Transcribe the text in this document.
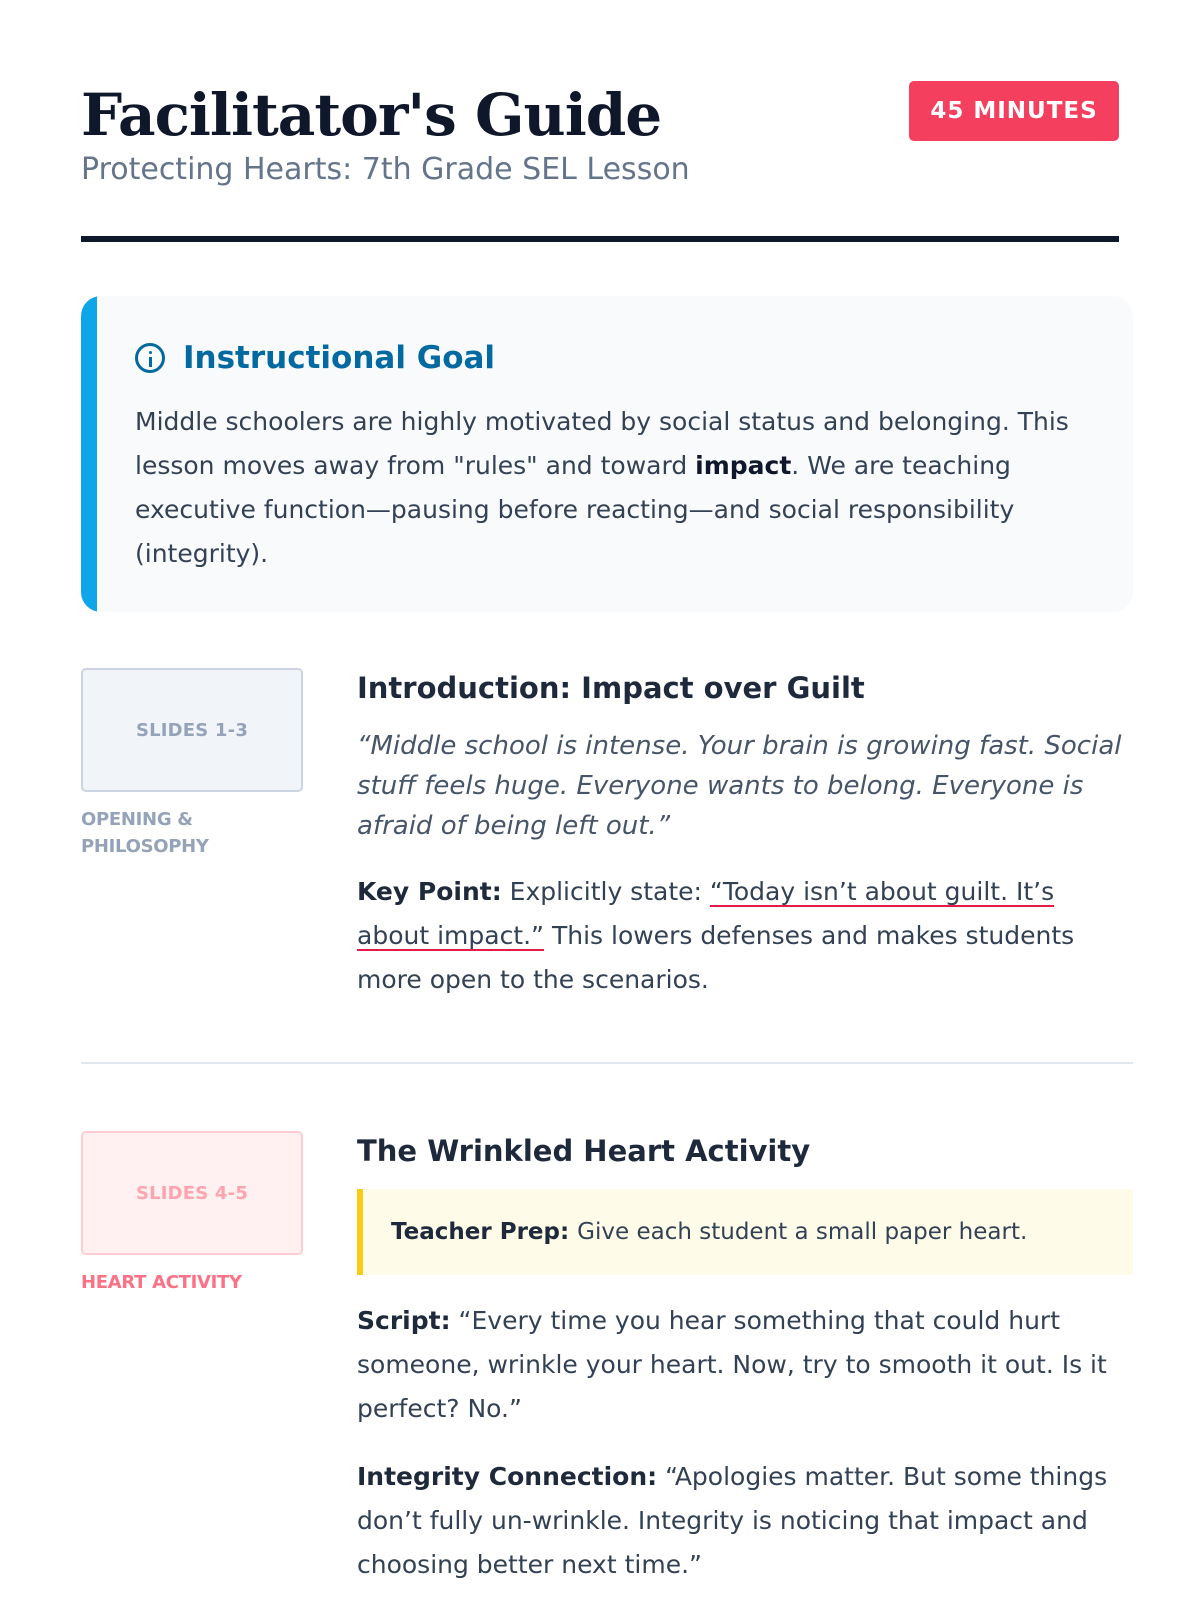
Facilitator's Guide
Protecting Hearts: 7th Grade SEL Lesson
45 MINUTES
Instructional Goal

Middle schoolers are highly motivated by social status and belonging. This lesson moves away from "rules" and toward impact. We are teaching executive function—pausing before reacting—and social responsibility (integrity).

SLIDES 1-3
OPENING & PHILOSOPHY
Introduction: Impact over Guilt

“Middle school is intense. Your brain is growing fast. Social stuff feels huge. Everyone wants to belong. Everyone is afraid of being left out.”

Key Point: Explicitly state: “Today isn’t about guilt. It’s about impact.” This lowers defenses and makes students more open to the scenarios.

SLIDES 4-5
HEART ACTIVITY
The Wrinkled Heart Activity
Teacher Prep: Give each student a small paper heart.

Script: “Every time you hear something that could hurt someone, wrinkle your heart. Now, try to smooth it out. Is it perfect? No.”

Integrity Connection: “Apologies matter. But some things don’t fully un-wrinkle. Integrity is noticing that impact and choosing better next time.”
